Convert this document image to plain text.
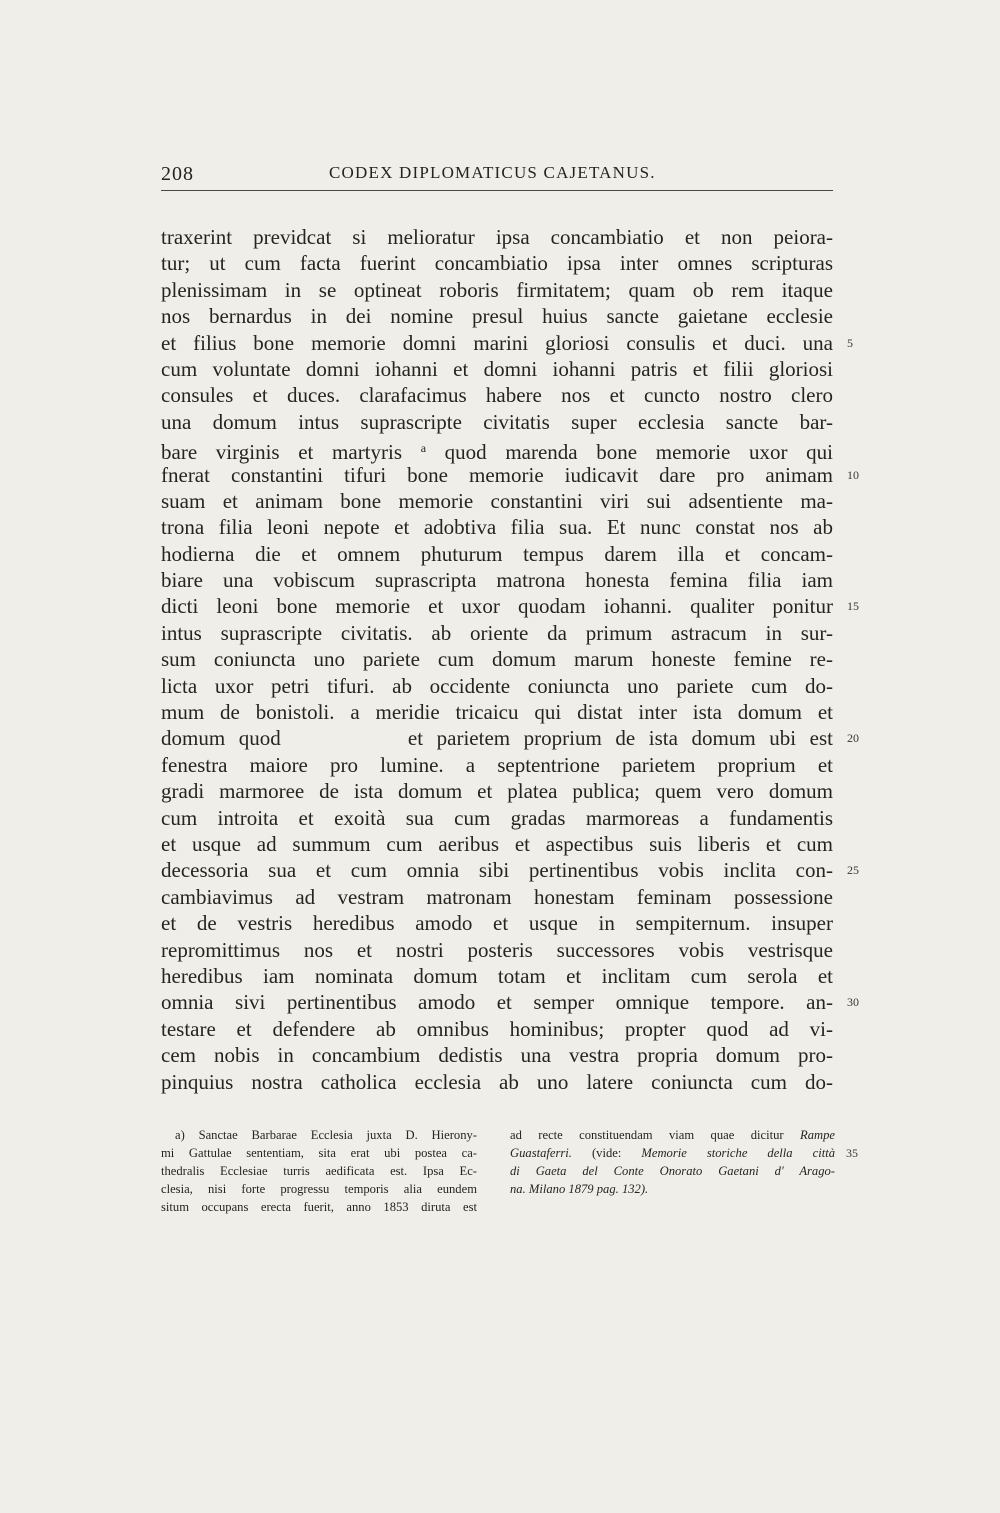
208	CODEX DIPLOMATICUS CAJETANUS.
traxerint previdcat si melioratur ipsa concambiatio et non peiora-
tur; ut cum facta fuerint concambiatio ipsa inter omnes scripturas
plenissimam in se optineat roboris firmitatem; quam ob rem itaque
nos bernardus in dei nomine presul huius sancte gaietane ecclesie
et filius bone memorie domni marini gloriosi consulis et duci. una 5
cum voluntate domni iohanni et domni iohanni patris et filii gloriosi
consules et duces. clarafacimus habere nos et cuncto nostro clero
una domum intus suprascripte civitatis super ecclesia sancte bar-
bare virginis et martyris $^a$ quod marenda bone memorie uxor qui
fnerat constantini tifuri bone memorie iudicavit dare pro animam 10
suam et animam bone memorie constantini viri sui adsentiente ma-
trona filia leoni nepote et adobtiva filia sua. Et nunc constat nos ab
hodierna die et omnem phuturum tempus darem illa et concam-
biare una vobiscum suprascripta matrona honesta femina filia iam
dicti leoni bone memorie et uxor quodam iohanni. qualiter ponitur 15
intus suprascripte civitatis. ab oriente da primum astracum in sur-
sum coniuncta uno pariete cum domum marum honeste femine re-
licta uxor petri tifuri. ab occidente coniuncta uno pariete cum do-
mum de bonistoli. a meridie tricaicu qui distat inter ista domum et
domum quod	et parietem proprium de ista domum ubi est 20
fenestra maiore pro lumine. a septentrione parietem proprium et
gradi marmoree de ista domum et platea publica; quem vero domum
cum introita et exoità sua cum gradas marmoreas a fundamentis
et usque ad summum cum aeribus et aspectibus suis liberis et cum
decessoria sua et cum omnia sibi pertinentibus vobis inclita con- 25
cambiavimus ad vestram matronam honestam feminam possessione
et de vestris heredibus amodo et usque in sempiternum. insuper
repromittimus nos et nostri posteris successores vobis vestrisque
heredibus iam nominata domum totam et inclitam cum serola et
omnia sivi pertinentibus amodo et semper omnique tempore. an- 30
testare et defendere ab omnibus hominibus; propter quod ad vi-
cem nobis in concambium dedistis una vestra propria domum pro-
pinquius nostra catholica ecclesia ab uno latere coniuncta cum do-
a) Sanctae Barbarae Ecclesia juxta D. Hierony-
mi Gattulae sententiam, sita erat ubi postea ca-
thedralis Ecclesiae turris aedificata est. Ipsa Ec-
clesia, nisi forte progressu temporis alia eundem
situm occupans erecta fuerit, anno 1853 diruta est
ad recte constituendam viam quae dicitur Rampe
Guastaferri. (vide: Memorie storiche della città
di Gaeta del Conte Onorato Gaetani d' Arago-
na. Milano 1879 pag. 132).
35
